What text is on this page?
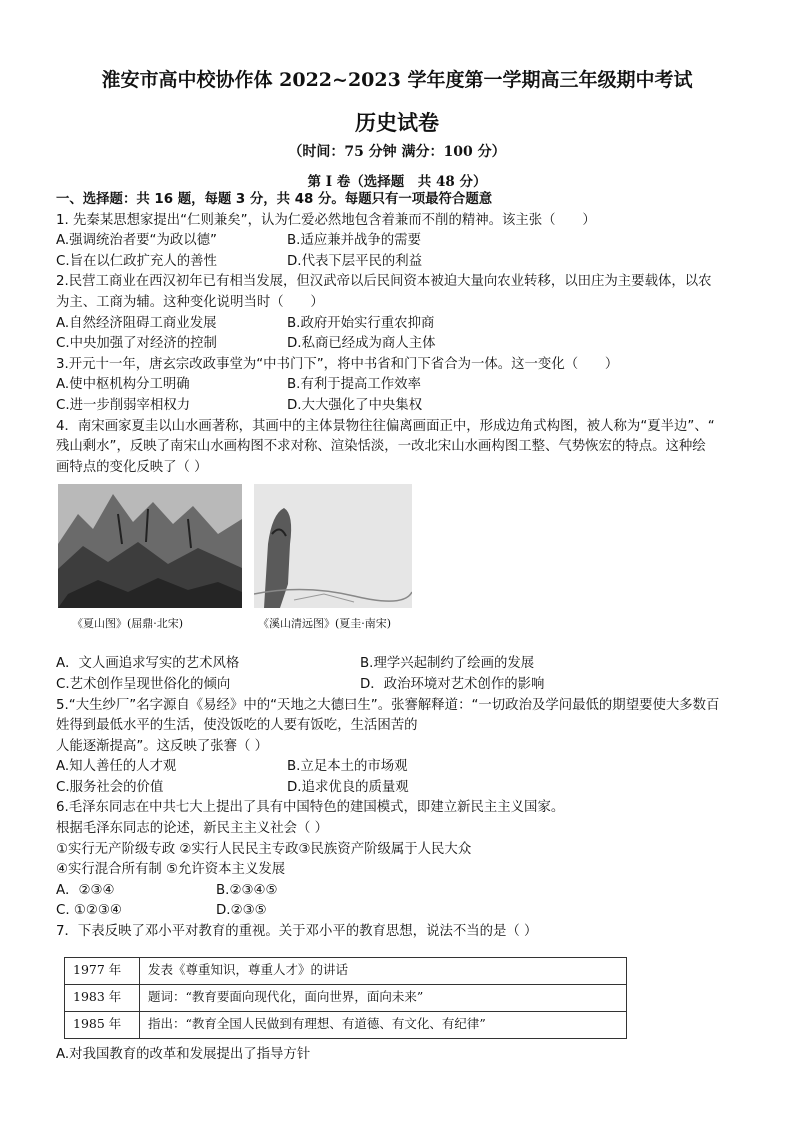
淮安市高中校协作体 2022~2023 学年度第一学期高三年级期中考试
历史试卷
（时间：75 分钟 满分：100 分）
第 I 卷（选择题　共 48 分）
一、选择题：共 16 题，每题 3 分，共 48 分。每题只有一项最符合题意
1. 先秦某思想家提出“仁则兼矣”，认为仁爱必然地包含着兼而不削的精神。该主张（　　）
A.强调统治者要“为政以德”	B.适应兼并战争的需要
C.旨在以仁政扩充人的善性	D.代表下层平民的利益
2.民营工商业在西汉初年已有相当发展，但汉武帝以后民间资本被迫大量向农业转移，以田庄为主要载体，以农
为主、工商为辅。这种变化说明当时（　　）
A.自然经济阻碍工商业发展	B.政府开始实行重农抑商
C.中央加强了对经济的控制	D.私商已经成为商人主体
3.开元十一年，唐玄宗改政事堂为“中书门下”，将中书省和门下省合为一体。这一变化（　　）
A.使中枢机构分工明确	B.有利于提高工作效率
C.进一步削弱宰相权力	D.大大强化了中央集权
4．南宋画家夏圭以山水画著称，其画中的主体景物往往偏离画面正中，形成边角式构图，被人称为“夏半边”、“
残山剩水”，反映了南宋山水画构图不求对称、渲染恬淡，一改北宋山水画构图工整、气势恢宏的特点。这种绘
画特点的变化反映了（ ）
《夏山图》(屈鼎·北宋)	《溪山清远图》(夏圭·南宋)
A．文人画追求写实的艺术风格	B.理学兴起制约了绘画的发展
C.艺术创作呈现世俗化的倾向	D．政治环境对艺术创作的影响
5.“大生纱厂”名字源自《易经》中的“天地之大德曰生”。张謇解释道：“一切政治及学问最低的期望要使大多数百
姓得到最低水平的生活，使没饭吃的人要有饭吃，生活困苦的
人能逐渐提高”。这反映了张謇（ ）
A.知人善任的人才观	B.立足本土的市场观
C.服务社会的价值	D.追求优良的质量观
6.毛泽东同志在中共七大上提出了具有中国特色的建国模式，即建立新民主主义国家。
根据毛泽东同志的论述，新民主主义社会（ ）
①实行无产阶级专政 ②实行人民民主专政③民族资产阶级属于人民大众
④实行混合所有制 ⑤允许资本主义发展
A．②③④	B.②③④⑤
C. ①②③④	D.②③⑤
7．下表反映了邓小平对教育的重视。关于邓小平的教育思想，说法不当的是（ ）
1977 年	发表《尊重知识，尊重人才》的讲话
1983 年	题词：“教育要面向现代化，面向世界，面向未来”
1985 年	指出：“教育全国人民做到有理想、有道德、有文化、有纪律”
A.对我国教育的改革和发展提出了指导方针
